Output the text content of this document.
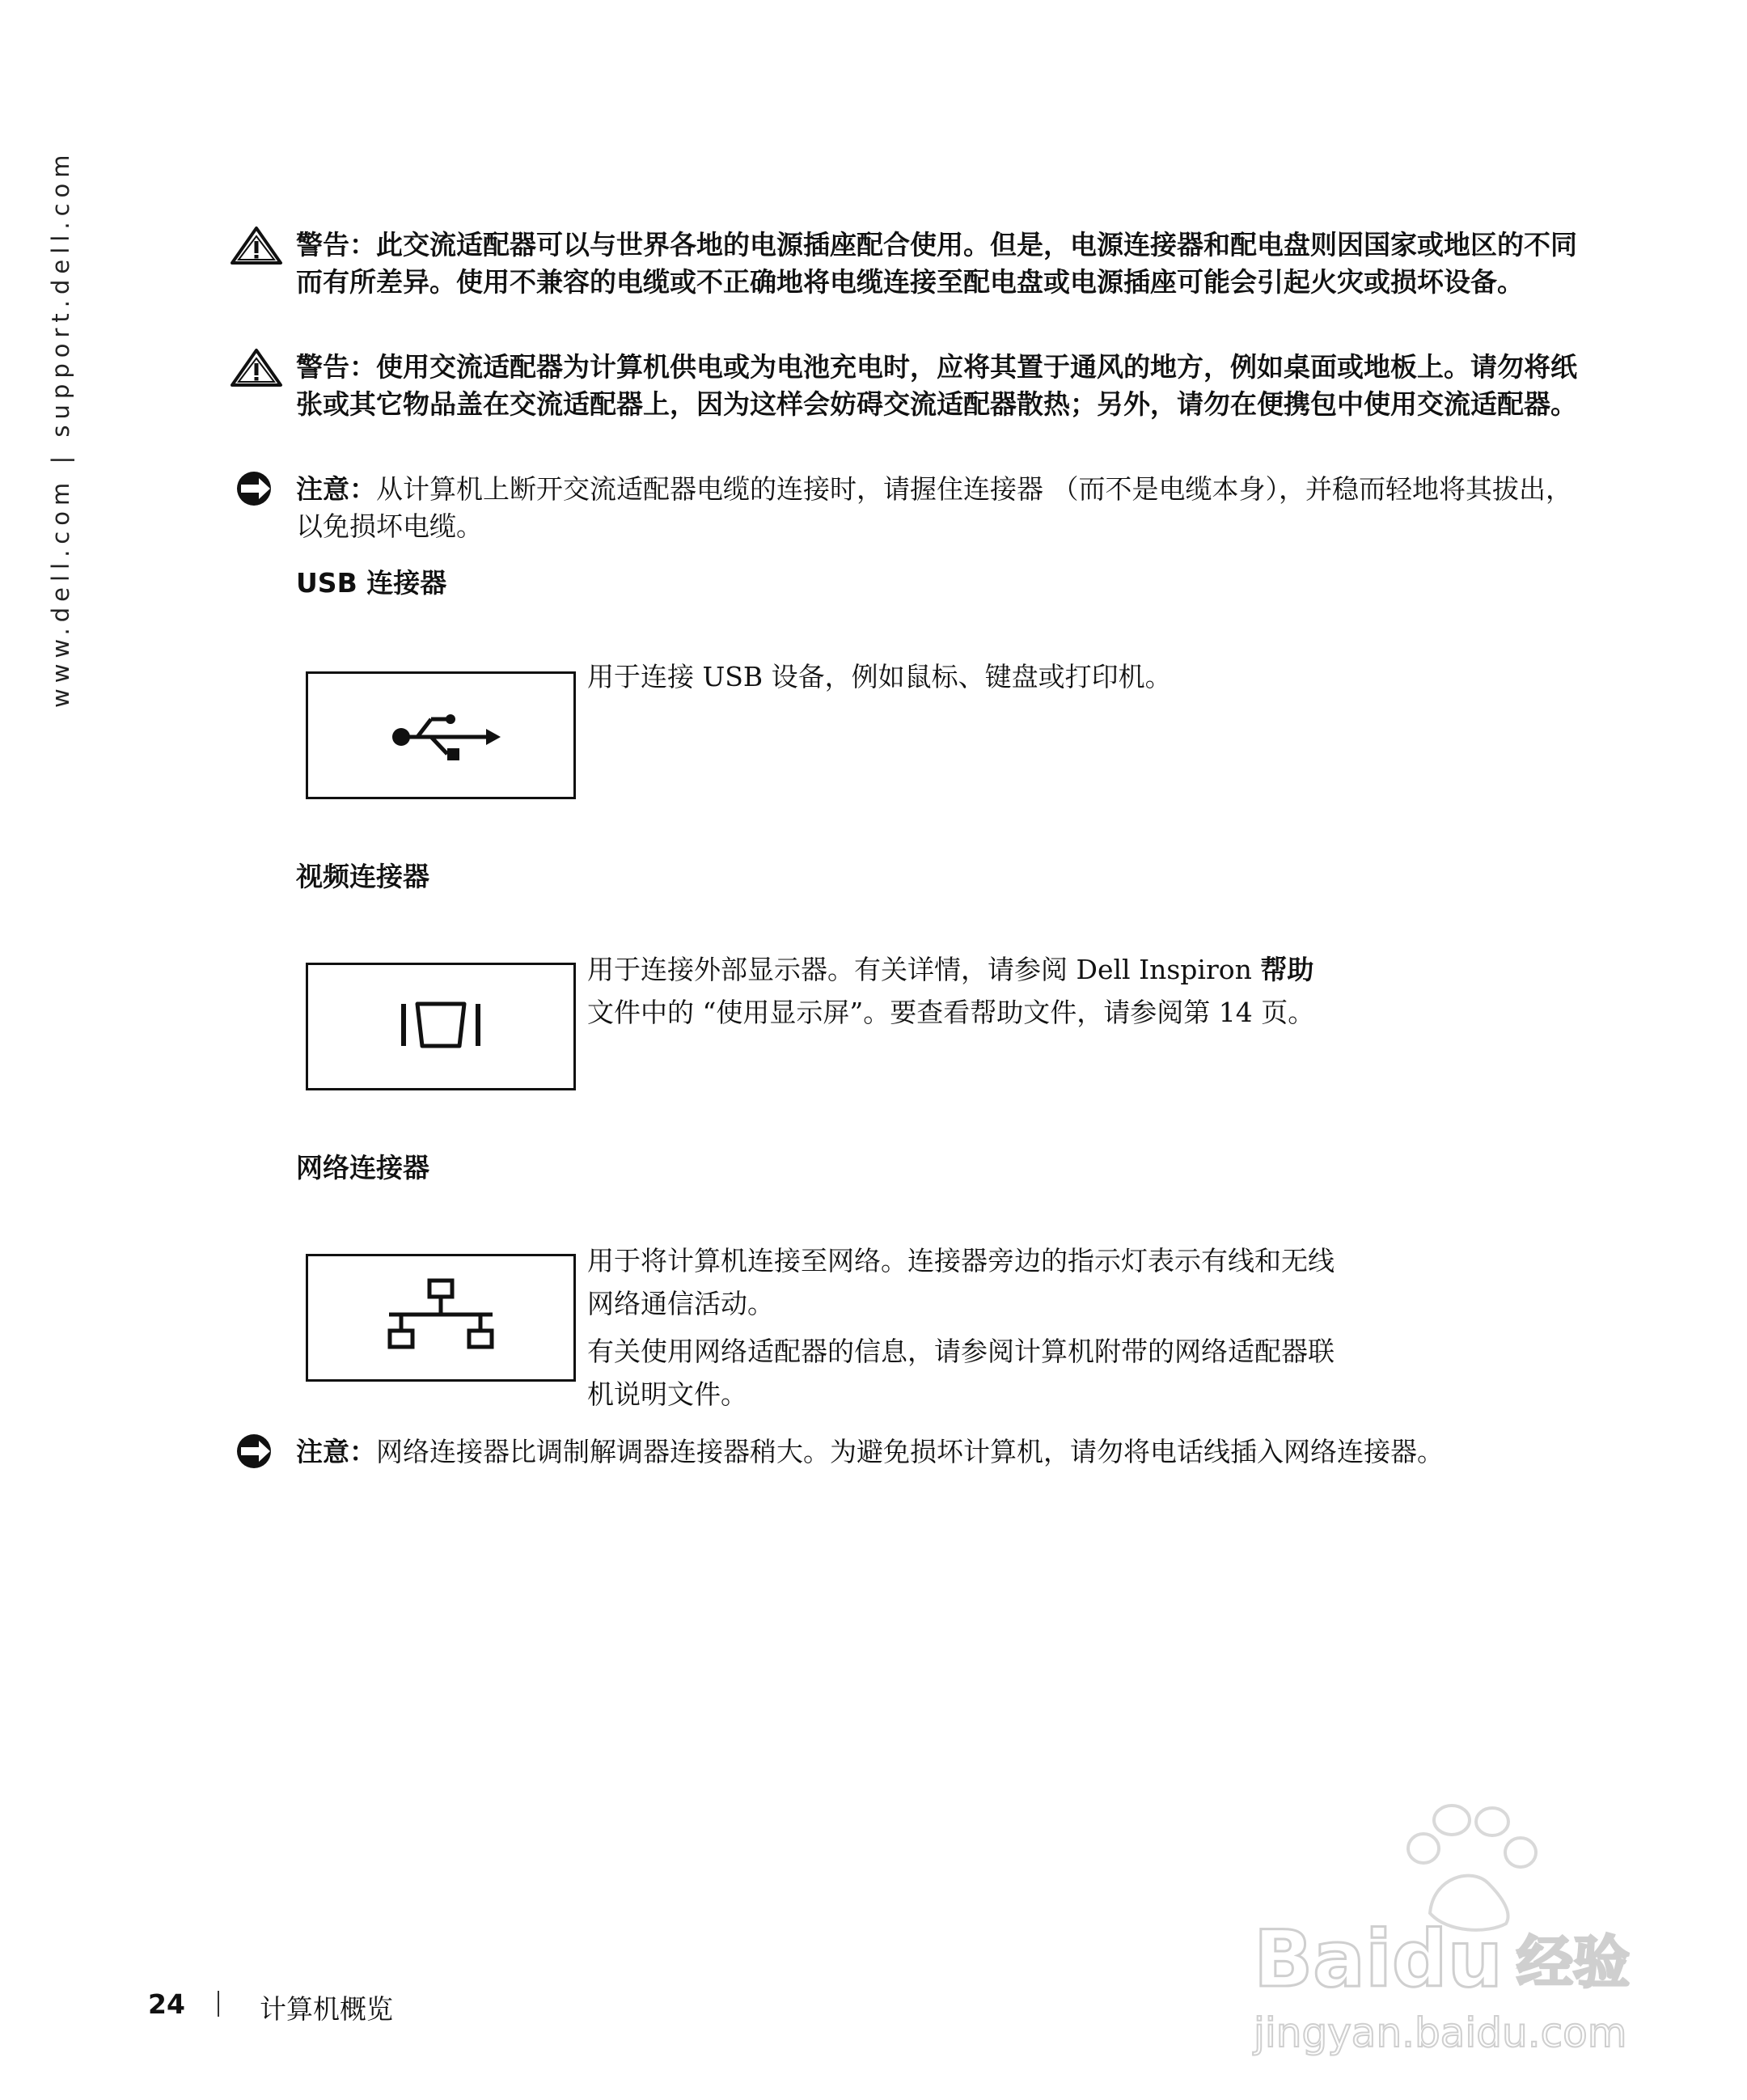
www.dell.com | support.dell.com	警告：此交流适配器可以与世界各地的电源插座配合使用。但是，电源连接器和配电盘则因国家或地区的不同而有所差异。使用不兼容的电缆或不正确地将电缆连接至配电盘或电源插座可能会引起火灾或损坏设备。
警告：使用交流适配器为计算机供电或为电池充电时，应将其置于通风的地方，例如桌面或地板上。请勿将纸张或其它物品盖在交流适配器上，因为这样会妨碍交流适配器散热；另外，请勿在便携包中使用交流适配器。
注意：从计算机上断开交流适配器电缆的连接时，请握住连接器 （而不是电缆本身），并稳而轻地将其拔出，以免损坏电缆。
USB 连接器

用于连接 USB 设备，例如鼠标、键盘或打印机。

视频连接器

用于连接外部显示器。有关详情，请参阅 Dell Inspiron 帮助文件中的 “使用显示屏”。要查看帮助文件，请参阅第 14 页。

网络连接器

用于将计算机连接至网络。连接器旁边的指示灯表示有线和无线网络通信活动。

有关使用网络适配器的信息，请参阅计算机附带的网络适配器联机说明文件。

注意：网络连接器比调制解调器连接器稍大。为避免损坏计算机，请勿将电话线插入网络连接器。
24	计算机概览
Baidu 经验
jingyan.baidu.com
